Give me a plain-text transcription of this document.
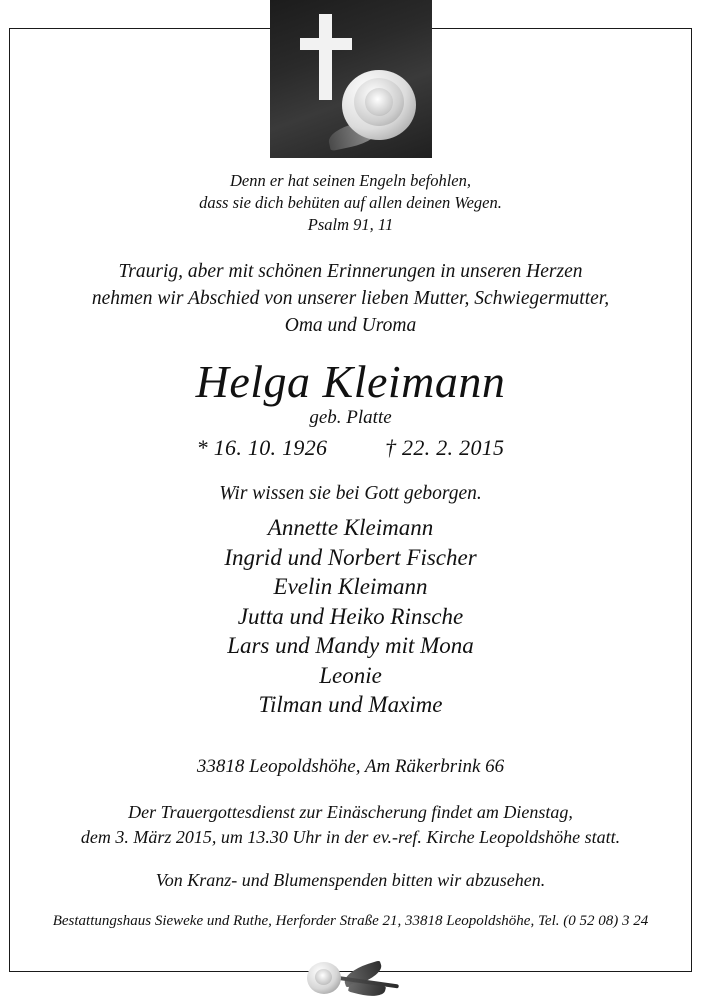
Denn er hat seinen Engeln befohlen,
dass sie dich behüten auf allen deinen Wegen.
Psalm 91, 11
Traurig, aber mit schönen Erinnerungen in unseren Herzen
nehmen wir Abschied von unserer lieben Mutter, Schwiegermutter,
Oma und Uroma
Helga Kleimann
geb. Platte
* 16. 10. 1926	† 22. 2. 2015
Wir wissen sie bei Gott geborgen.
Annette Kleimann
Ingrid und Norbert Fischer
Evelin Kleimann
Jutta und Heiko Rinsche
Lars und Mandy mit Mona
Leonie
Tilman und Maxime
33818 Leopoldshöhe, Am Räkerbrink 66
Der Trauergottesdienst zur Einäscherung findet am Dienstag,
dem 3. März 2015, um 13.30 Uhr in der ev.-ref. Kirche Leopoldshöhe statt.
Von Kranz- und Blumenspenden bitten wir abzusehen.
Bestattungshaus Sieweke und Ruthe, Herforder Straße 21, 33818 Leopoldshöhe, Tel. (0 52 08) 3 24
